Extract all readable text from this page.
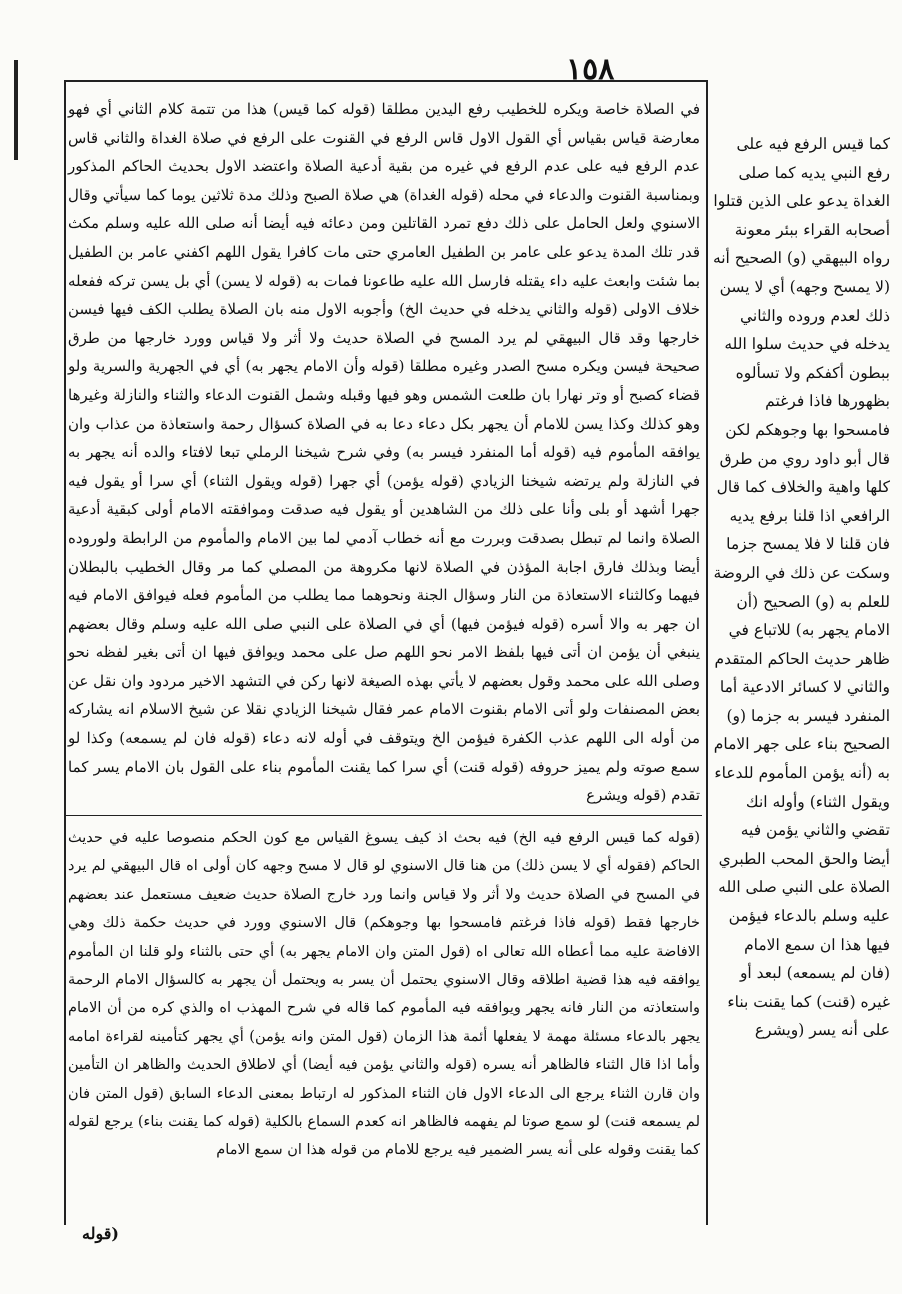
١٥٨

في الصلاة خاصة ويكره للخطيب رفع اليدين مطلقا (قوله كما قيس) هذا من تتمة كلام الثاني أي فهو معارضة قياس بقياس أي القول الاول قاس الرفع في القنوت على الرفع في صلاة الغداة والثاني قاس عدم الرفع فيه على عدم الرفع في غيره من بقية أدعية الصلاة واعتضد الاول بحديث الحاكم المذكور وبمناسبة القنوت والدعاء في محله (قوله الغداة) هي صلاة الصبح وذلك مدة ثلاثين يوما كما سيأتي وقال الاسنوي ولعل الحامل على ذلك دفع تمرد القاتلين ومن دعائه فيه أيضا أنه صلى الله عليه وسلم مكث قدر تلك المدة يدعو على عامر بن الطفيل العامري حتى مات كافرا يقول اللهم اكفني عامر بن الطفيل بما شئت وابعث عليه داء يقتله فارسل الله عليه طاعونا فمات به (قوله لا يسن) أي بل يسن تركه ففعله خلاف الاولى (قوله والثاني يدخله في حديث الخ) وأجوبه الاول منه بان الصلاة يطلب الكف فيها فيسن خارجها وقد قال البيهقي لم يرد المسح في الصلاة حديث ولا أثر ولا قياس وورد خارجها من طرق صحيحة فيسن ويكره مسح الصدر وغيره مطلقا (قوله وأن الامام يجهر به) أي في الجهرية والسرية ولو قضاء كصبح أو وتر نهارا بان طلعت الشمس وهو فيها وقبله وشمل القنوت الدعاء والثناء والنازلة وغيرها وهو كذلك وكذا يسن للامام أن يجهر بكل دعاء دعا به في الصلاة كسؤال رحمة واستعاذة من عذاب وان يوافقه المأموم فيه (قوله أما المنفرد فيسر به) وفي شرح شيخنا الرملي تبعا لافتاء والده أنه يجهر به في النازلة ولم يرتضه شيخنا الزيادي (قوله يؤمن) أي جهرا (قوله ويقول الثناء) أي سرا أو يقول فيه جهرا أشهد أو بلى وأنا على ذلك من الشاهدين أو يقول فيه صدقت وموافقته الامام أولى كبقية أدعية الصلاة وانما لم تبطل بصدقت وبررت مع أنه خطاب آدمي لما بين الامام والمأموم من الرابطة ولوروده أيضا وبذلك فارق اجابة المؤذن في الصلاة لانها مكروهة من المصلي كما مر وقال الخطيب بالبطلان فيهما وكالثناء الاستعاذة من النار وسؤال الجنة ونحوهما مما يطلب من المأموم فعله فيوافق الامام فيه ان جهر به والا أسره (قوله فيؤمن فيها) أي في الصلاة على النبي صلى الله عليه وسلم وقال بعضهم ينبغي أن يؤمن ان أتى فيها بلفظ الامر نحو اللهم صل على محمد ويوافق فيها ان أتى بغير لفظه نحو وصلى الله على محمد وقول بعضهم لا يأتي بهذه الصيغة لانها ركن في التشهد الاخير مردود وان نقل عن بعض المصنفات ولو أتى الامام بقنوت الامام عمر فقال شيخنا الزيادي نقلا عن شيخ الاسلام انه يشاركه من أوله الى اللهم عذب الكفرة فيؤمن الخ ويتوقف في أوله لانه دعاء (قوله فان لم يسمعه) وكذا لو سمع صوته ولم يميز حروفه (قوله قنت) أي سرا كما يقنت المأموم بناء على القول بان الامام يسر كما تقدم (قوله ويشرع

(قوله كما قيس الرفع فيه الخ) فيه بحث اذ كيف يسوغ القياس مع كون الحكم منصوصا عليه في حديث الحاكم (فقوله أي لا يسن ذلك) من هنا قال الاسنوي لو قال لا مسح وجهه كان أولى اه قال البيهقي لم يرد في المسح في الصلاة حديث ولا أثر ولا قياس وانما ورد خارج الصلاة حديث ضعيف مستعمل عند بعضهم خارجها فقط (قوله فاذا فرغتم فامسحوا بها وجوهكم) قال الاسنوي وورد في حديث حكمة ذلك وهي الافاضة عليه مما أعطاه الله تعالى اه (قول المتن وان الامام يجهر به) أي حتى بالثناء ولو قلنا ان المأموم يوافقه فيه هذا قضية اطلاقه وقال الاسنوي يحتمل أن يسر به ويحتمل أن يجهر به كالسؤال الامام الرحمة واستعاذته من النار فانه يجهر ويوافقه فيه المأموم كما قاله في شرح المهذب اه والذي كره من أن الامام يجهر بالدعاء مسئلة مهمة لا يفعلها أئمة هذا الزمان (قول المتن وانه يؤمن) أي يجهر كتأمينه لقراءة امامه وأما اذا قال الثناء فالظاهر أنه يسره (قوله والثاني يؤمن فيه أيضا) أي لاطلاق الحديث والظاهر ان التأمين وان قارن الثناء يرجع الى الدعاء الاول فان الثناء المذكور له ارتباط بمعنى الدعاء السابق (قول المتن فان لم يسمعه قنت) لو سمع صوتا لم يفهمه فالظاهر انه كعدم السماع بالكلية (قوله كما يقنت بناء) يرجع لقوله كما يقنت وقوله على أنه يسر الضمير فيه يرجع للامام من قوله هذا ان سمع الامام

كما قيس الرفع فيه على رفع النبي يديه كما صلى الغداة يدعو على الذين قتلوا أصحابه القراء ببئر معونة رواه البيهقي (و) الصحيح أنه (لا يمسح وجهه) أي لا يسن ذلك لعدم وروده والثاني يدخله في حديث سلوا الله ببطون أكفكم ولا تسألوه بظهورها فاذا فرغتم فامسحوا بها وجوهكم لكن قال أبو داود روي من طرق كلها واهية والخلاف كما قال الرافعي اذا قلنا برفع يديه فان قلنا لا فلا يمسح جزما وسكت عن ذلك في الروضة للعلم به (و) الصحيح (أن الامام يجهر به) للاتباع في ظاهر حديث الحاكم المتقدم والثاني لا كسائر الادعية أما المنفرد فيسر به جزما (و) الصحيح بناء على جهر الامام به (أنه يؤمن المأموم للدعاء ويقول الثناء) وأوله انك تقضي والثاني يؤمن فيه أيضا والحق المحب الطبري الصلاة على النبي صلى الله عليه وسلم بالدعاء فيؤمن فيها هذا ان سمع الامام (فان لم يسمعه) لبعد أو غيره (قنت) كما يقنت بناء على أنه يسر (ويشرع

(قوله
